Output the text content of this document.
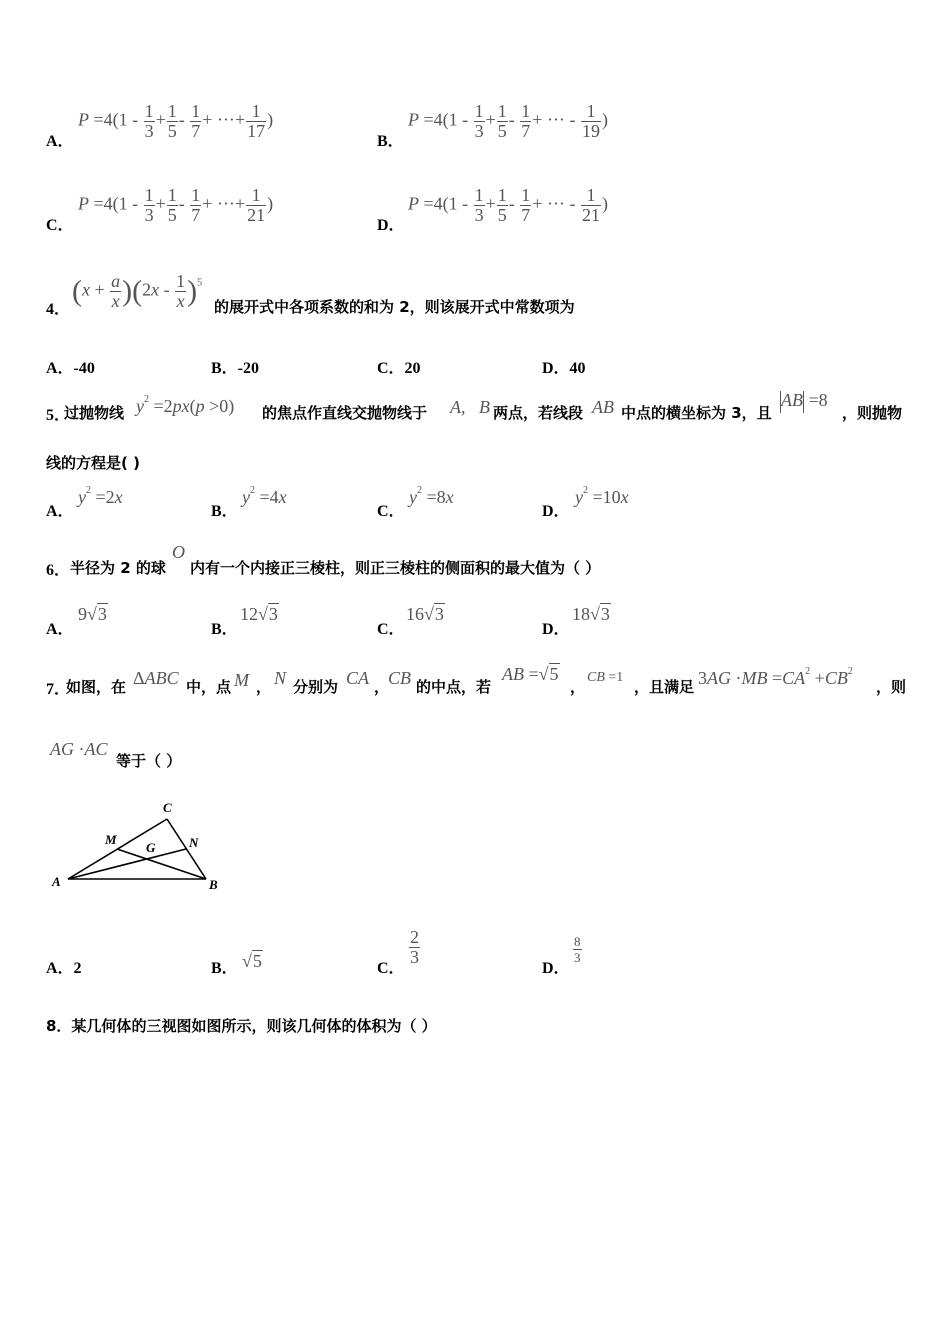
A．
$P =4(1 - \frac{1}{3} + \frac{1}{5} - \frac{1}{7}$ + ···+ $\frac{1}{17}$ )
B．
$P =4(1 - \frac{1}{3} + \frac{1}{5} - \frac{1}{7}$ + ··· - $\frac{1}{19}$ )
C．
$P =4(1 - \frac{1}{3} + \frac{1}{5} - \frac{1}{7}$ + ···+ $\frac{1}{21}$ )
D．
$P =4(1 - \frac{1}{3} + \frac{1}{5} - \frac{1}{7}$ + ··· - $\frac{1}{21}$ )
4．
$(x + \frac{a}{x} )(2x - \frac{1}{x} )^5$
的展开式中各项系数的和为 2，则该展开式中常数项为
A．-40	B．-20	C．20	D．40
5．
过抛物线 $y^2 =2px(p >0)$ 的焦点作直线交抛物线于 A,   B 两点，若线段 AB 中点的横坐标为 3，且
AB =8
，则抛物
线的方程是( )
A．
$y^2 =2x$
B．
$y^2 =4x$
C．
$y^2 =8x$
D．
$y^2 =10x$
6． 半径为 2 的球
O
内有一个内接正三棱柱，则正三棱柱的侧面积的最大值为（ ）
A．
9√3
B．
12√3
C．
16√3
D．
18√3
7．
如图，在 ΔABC 中，点 M ， N 分别为 CA ，
CB 的中点，若
AB =√5
，
CB =1
，且满足 $3AG \cdot MB =CA^2 +CB^2$
，则
AG ·AC
等于（ ）
C
M
G	N
A	B
A．2	B． √5	C．
$\frac{2}{3}$
D．
$\frac{8}{3}$
8．某几何体的三视图如图所示，则该几何体的体积为（ ）
